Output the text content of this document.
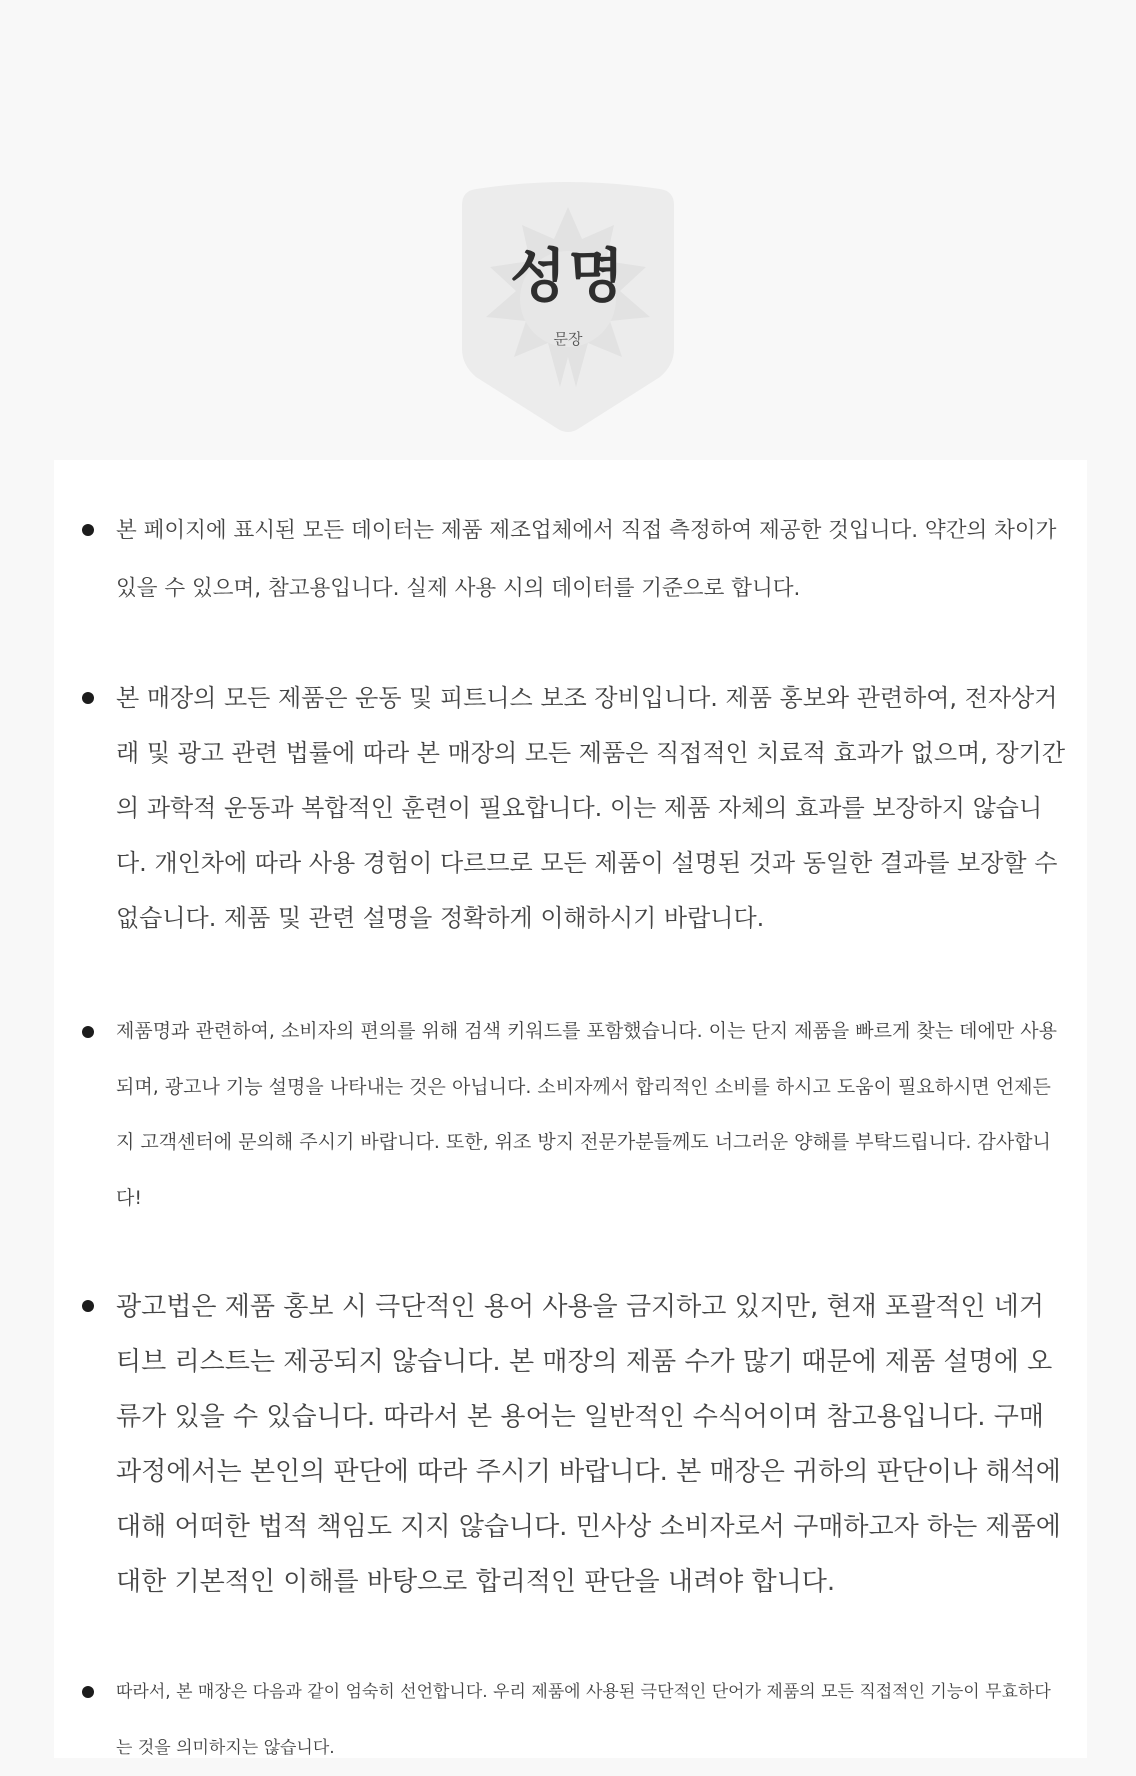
성명
문장

본 페이지에 표시된 모든 데이터는 제품 제조업체에서 직접 측정하여 제공한 것입니다. 약간의 차이가 있을 수 있으며, 참고용입니다. 실제 사용 시의 데이터를 기준으로 합니다.

본 매장의 모든 제품은 운동 및 피트니스 보조 장비입니다. 제품 홍보와 관련하여, 전자상거래 및 광고 관련 법률에 따라 본 매장의 모든 제품은 직접적인 치료적 효과가 없으며, 장기간의 과학적 운동과 복합적인 훈련이 필요합니다. 이는 제품 자체의 효과를 보장하지 않습니다. 개인차에 따라 사용 경험이 다르므로 모든 제품이 설명된 것과 동일한 결과를 보장할 수 없습니다. 제품 및 관련 설명을 정확하게 이해하시기 바랍니다.

제품명과 관련하여, 소비자의 편의를 위해 검색 키워드를 포함했습니다. 이는 단지 제품을 빠르게 찾는 데에만 사용되며, 광고나 기능 설명을 나타내는 것은 아닙니다. 소비자께서 합리적인 소비를 하시고 도움이 필요하시면 언제든지 고객센터에 문의해 주시기 바랍니다. 또한, 위조 방지 전문가분들께도 너그러운 양해를 부탁드립니다. 감사합니다!

광고법은 제품 홍보 시 극단적인 용어 사용을 금지하고 있지만, 현재 포괄적인 네거티브 리스트는 제공되지 않습니다. 본 매장의 제품 수가 많기 때문에 제품 설명에 오류가 있을 수 있습니다. 따라서 본 용어는 일반적인 수식어이며 참고용입니다. 구매 과정에서는 본인의 판단에 따라 주시기 바랍니다. 본 매장은 귀하의 판단이나 해석에 대해 어떠한 법적 책임도 지지 않습니다. 민사상 소비자로서 구매하고자 하는 제품에 대한 기본적인 이해를 바탕으로 합리적인 판단을 내려야 합니다.

따라서, 본 매장은 다음과 같이 엄숙히 선언합니다. 우리 제품에 사용된 극단적인 단어가 제품의 모든 직접적인 기능이 무효하다는 것을 의미하지는 않습니다.
